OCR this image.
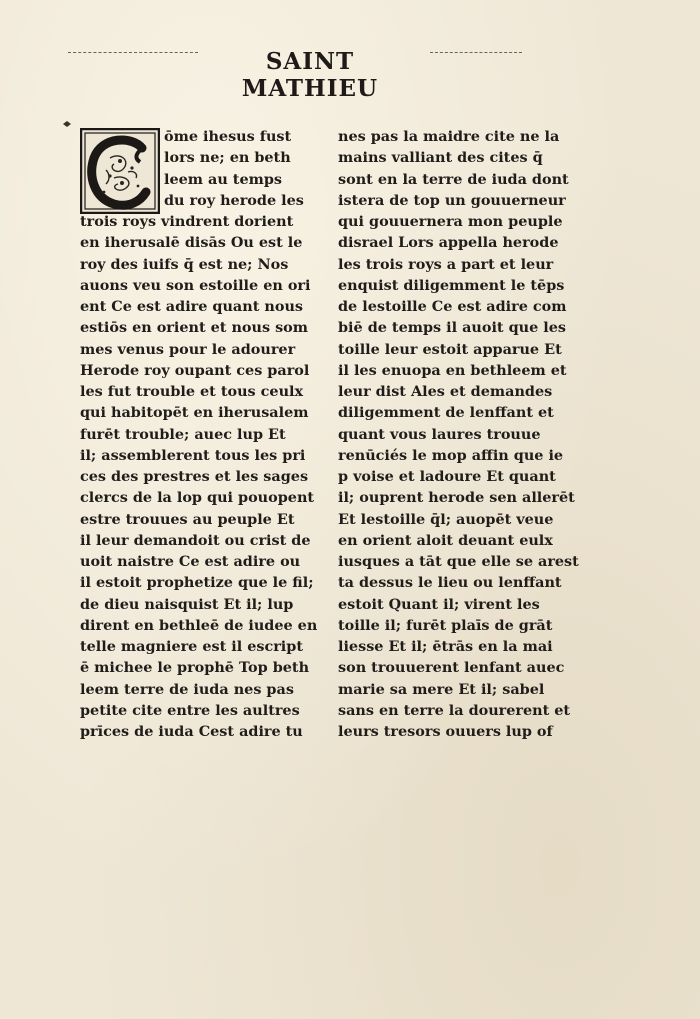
SAINT MATHIEU
ōme ihesus fust
lors ne; en beth
leem au temps
du roy herode les
trois roys vindrent dorient
en iherusalē disās Ou est le
roy des iuifs q̄ est ne; Nos
auons veu son estoille en ori
ent Ce est adire quant nous
estiōs en orient et nous som
mes venus pour le adourer
Herode roy oupant ces parol
les fut trouble et tous ceulx
qui habitopēt en iherusalem
furēt trouble; auec lup Et
il; assemblerent tous les pri
ces des prestres et les sages
clercs de la lop qui pouopent
estre trouues au peuple Et
il leur demandoit ou crist de
uoit naistre Ce est adire ou
il estoit prophetize que le fil;
de dieu naisquist Et il; lup
dirent en bethleē de iudee en
telle magniere est il escript
ē michee le prophē Top beth
leem terre de iuda nes pas
petite cite entre les aultres
prīces de iuda Cest adire tu
nes pas la maidre cite ne la
mains valliant des cites q̄
sont en la terre de iuda dont
istera de top un gouuerneur
qui gouuernera mon peuple
disrael Lors appella herode
les trois roys a part et leur
enquist diligemment le tēps
de lestoille Ce est adire com
biē de temps il auoit que les
toille leur estoit apparue Et
il les enuopa en bethleem et
leur dist Ales et demandes
diligemment de lenffant et
quant vous laures trouue
renūciés le mop affin que ie
p voise et ladoure Et quant
il; ouprent herode sen allerēt
Et lestoille q̄l; auopēt veue
en orient aloit deuant eulx
iusques a tāt que elle se arest
ta dessus le lieu ou lenffant
estoit Quant il; virent les
toille il; furēt plaīs de grāt
liesse Et il; ētrās en la mai
son trouuerent lenfant auec
marie sa mere Et il; sabel
sans en terre la dourerent et
leurs tresors ouuers lup of
